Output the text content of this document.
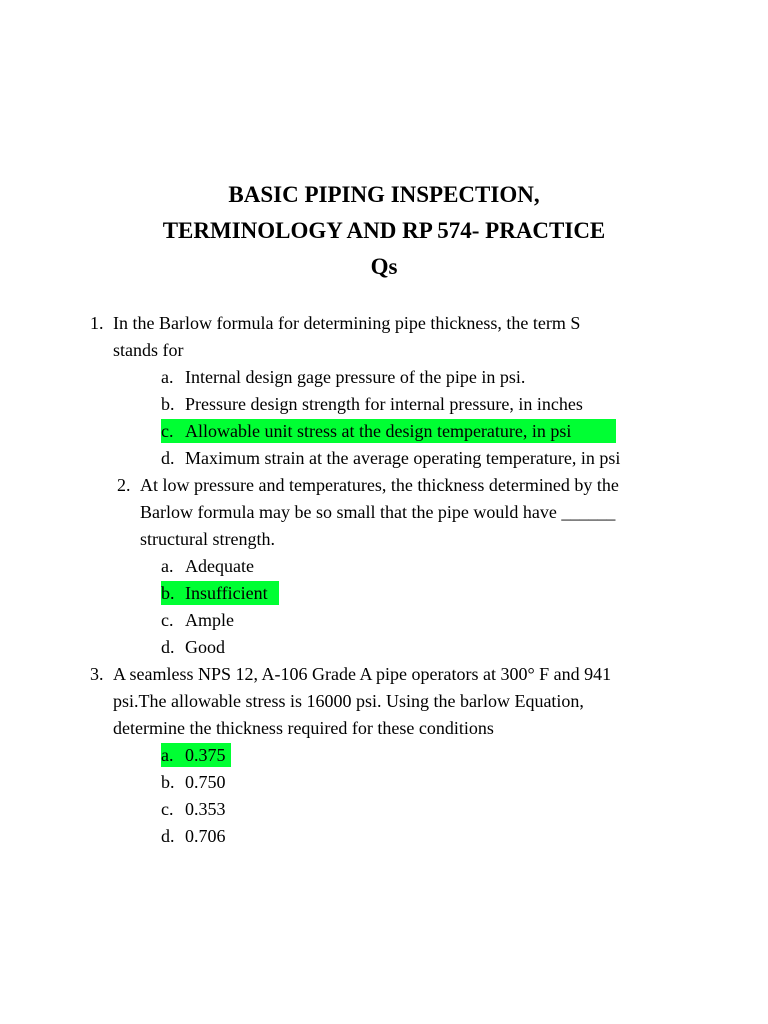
BASIC PIPING INSPECTION,
TERMINOLOGY AND RP 574- PRACTICE
Qs
1. In the Barlow formula for determining pipe thickness, the term S
stands for
a. Internal design gage pressure of the pipe in psi.
b. Pressure design strength for internal pressure, in inches
c. Allowable unit stress at the design temperature, in psi
d. Maximum strain at the average operating temperature, in psi
2. At low pressure and temperatures, the thickness determined by the
Barlow formula may be so small that the pipe would have ______
structural strength.
a. Adequate
b. Insufficient
c. Ample
d. Good
3. A seamless NPS 12, A-106 Grade A pipe operators at 300° F and 941
psi.The allowable stress is 16000 psi. Using the barlow Equation,
determine the thickness required for these conditions
a. 0.375
b. 0.750
c. 0.353
d. 0.706
